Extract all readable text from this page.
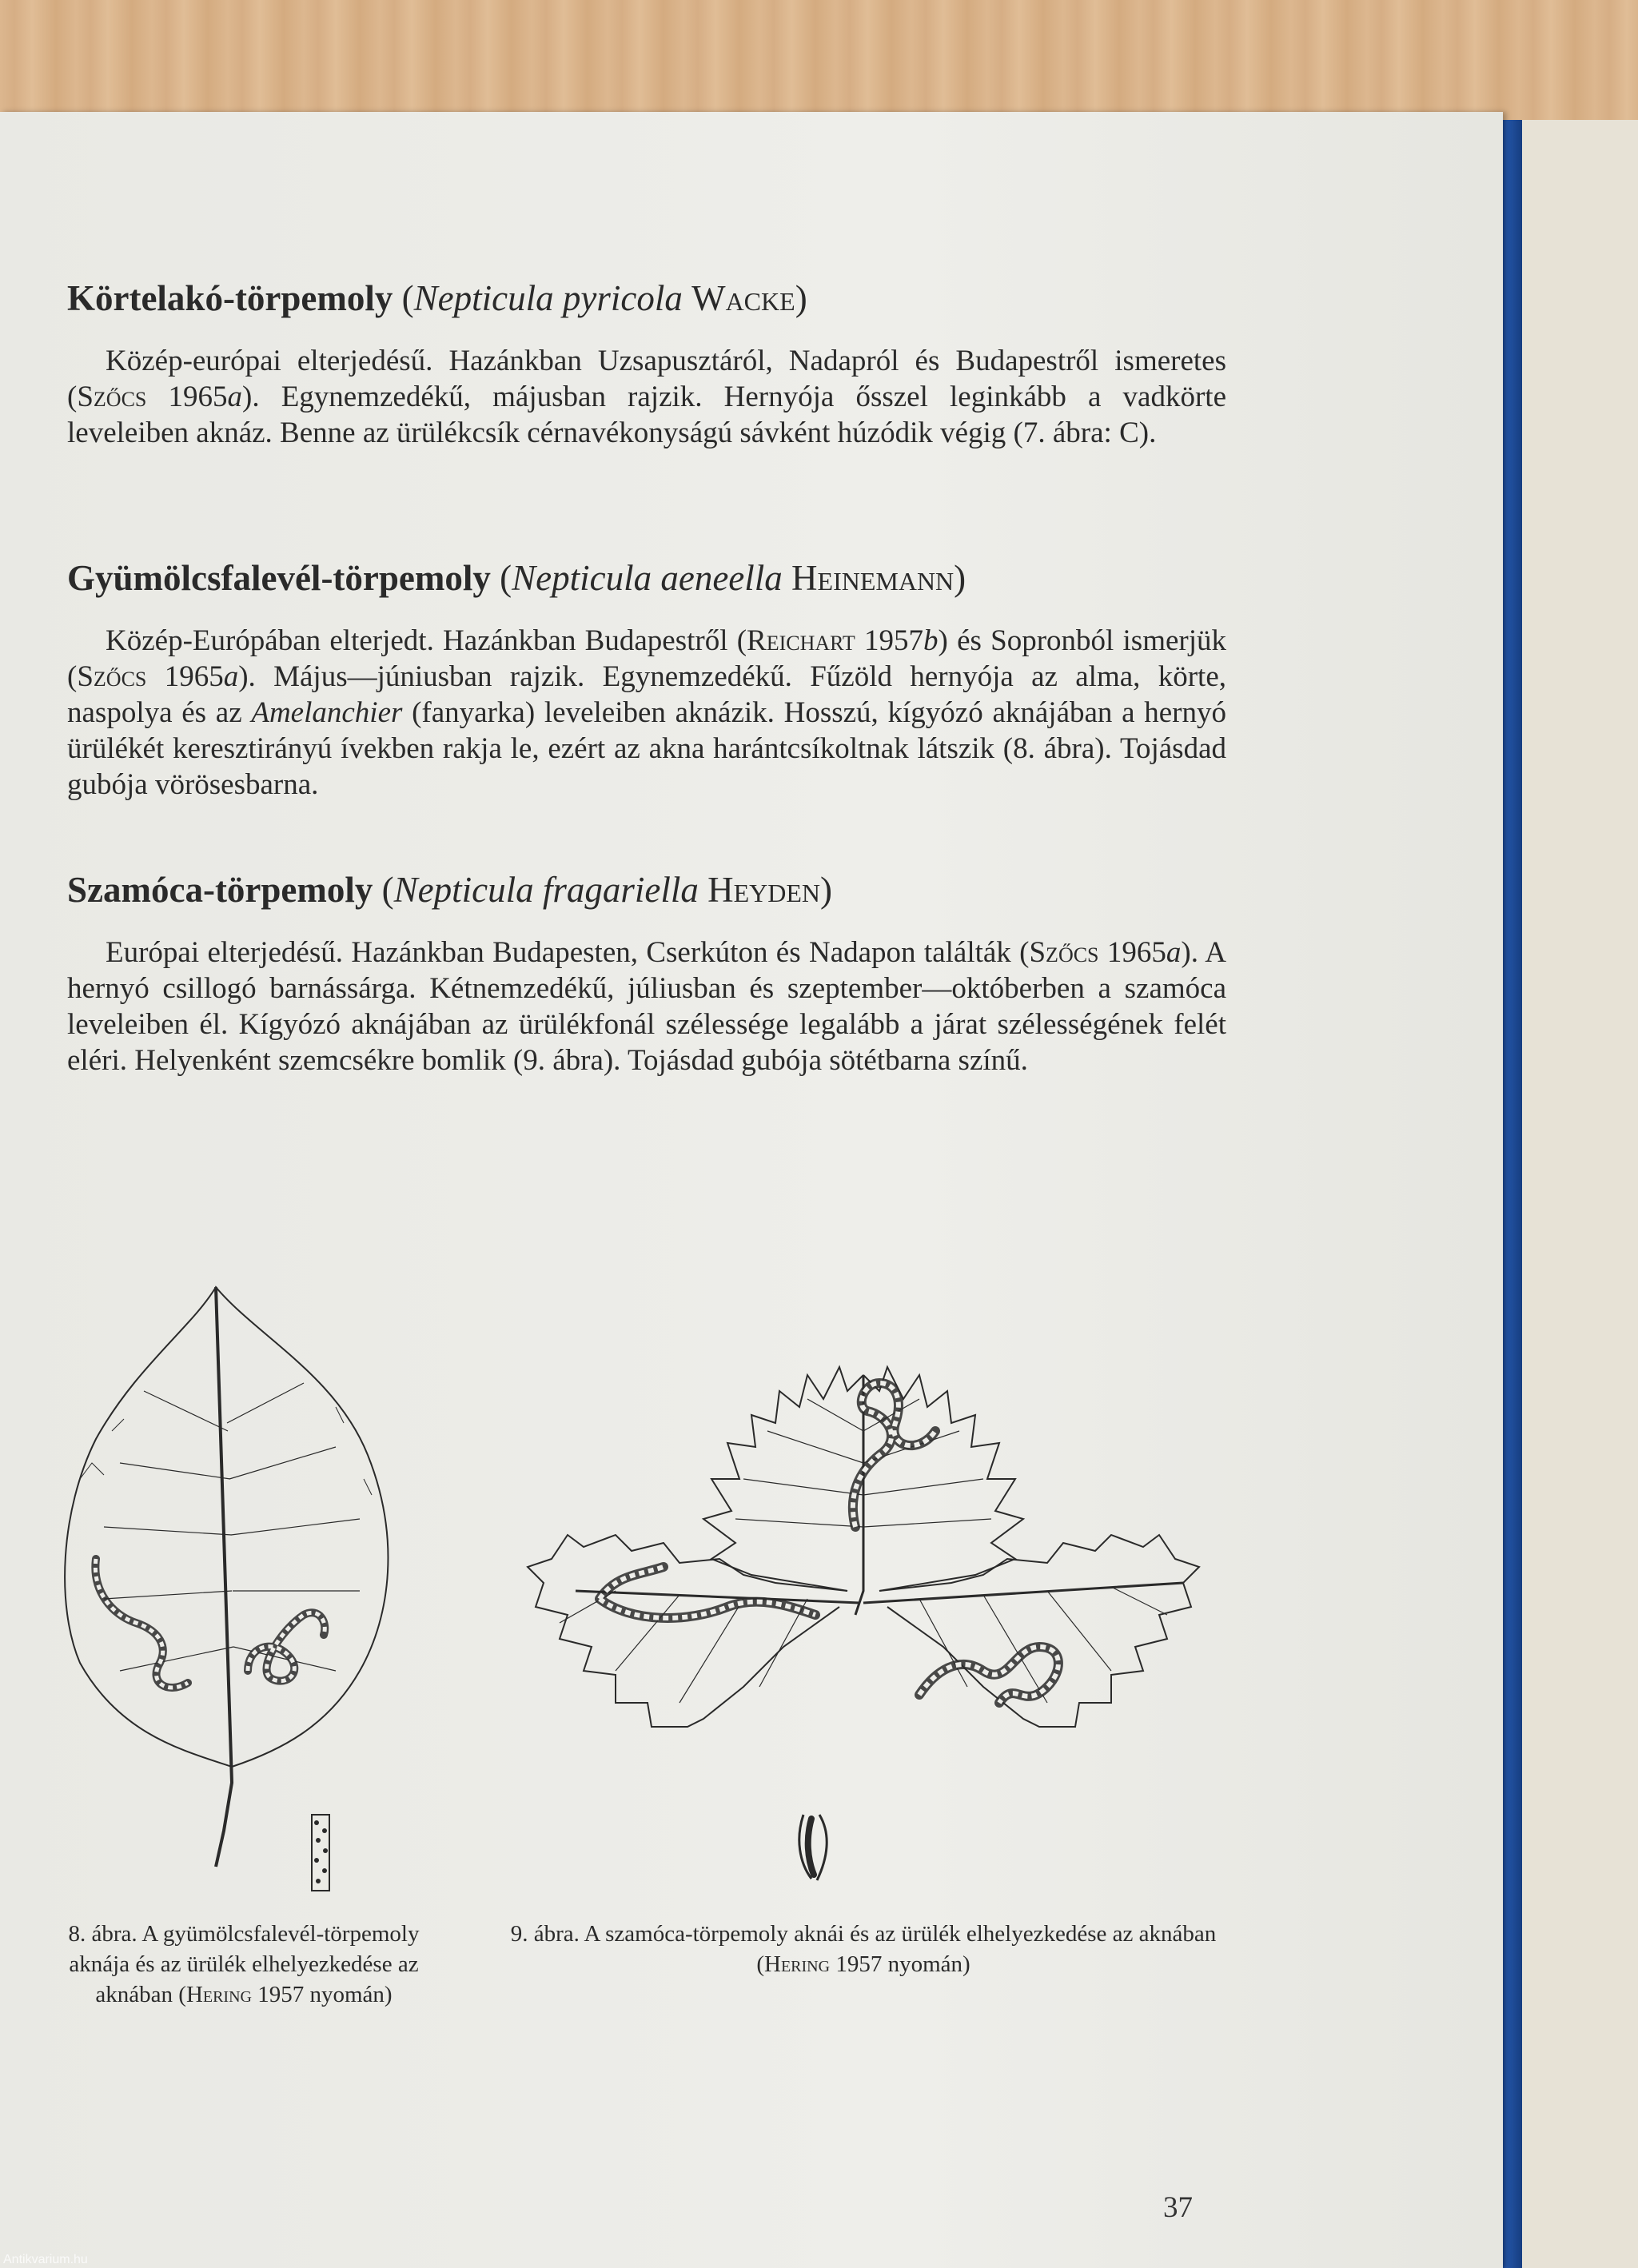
Körtelakó-törpemoly (Nepticula pyricola Wacke)

Közép-európai elterjedésű. Hazánkban Uzsapusztáról, Nadapról és Budapestről ismeretes (Szőcs 1965a). Egynemzedékű, májusban rajzik. Hernyója ősszel leginkább a vadkörte leveleiben aknáz. Benne az ürülékcsík cérnavékonyságú sávként húzódik végig (7. ábra: C).

Gyümölcsfalevél-törpemoly (Nepticula aeneella Heinemann)

Közép-Európában elterjedt. Hazánkban Budapestről (Reichart 1957b) és Sopronból ismerjük (Szőcs 1965a). Május—júniusban rajzik. Egynemzedékű. Fűzöld hernyója az alma, körte, naspolya és az Amelanchier (fanyarka) leveleiben aknázik. Hosszú, kígyózó aknájában a hernyó ürülékét keresztirányú ívekben rakja le, ezért az akna harántcsíkoltnak látszik (8. ábra). Tojásdad gubója vörösesbarna.

Szamóca-törpemoly (Nepticula fragariella Heyden)

Európai elterjedésű. Hazánkban Budapesten, Cserkúton és Nadapon találták (Szőcs 1965a). A hernyó csillogó barnássárga. Kétnemzedékű, júliusban és szeptember—októberben a szamóca leveleiben él. Kígyózó aknájában az ürülékfonál szélessége legalább a járat szélességének felét eléri. Helyenként szemcsékre bomlik (9. ábra). Tojásdad gubója sötétbarna színű.

8. ábra. A gyümölcsfalevél-törpemoly aknája és az ürülék elhelyezkedése az aknában (Hering 1957 nyomán)
9. ábra. A szamóca-törpemoly aknái és az ürülék elhelyezkedése az aknában (Hering 1957 nyomán)
37
Antikvarium.hu
